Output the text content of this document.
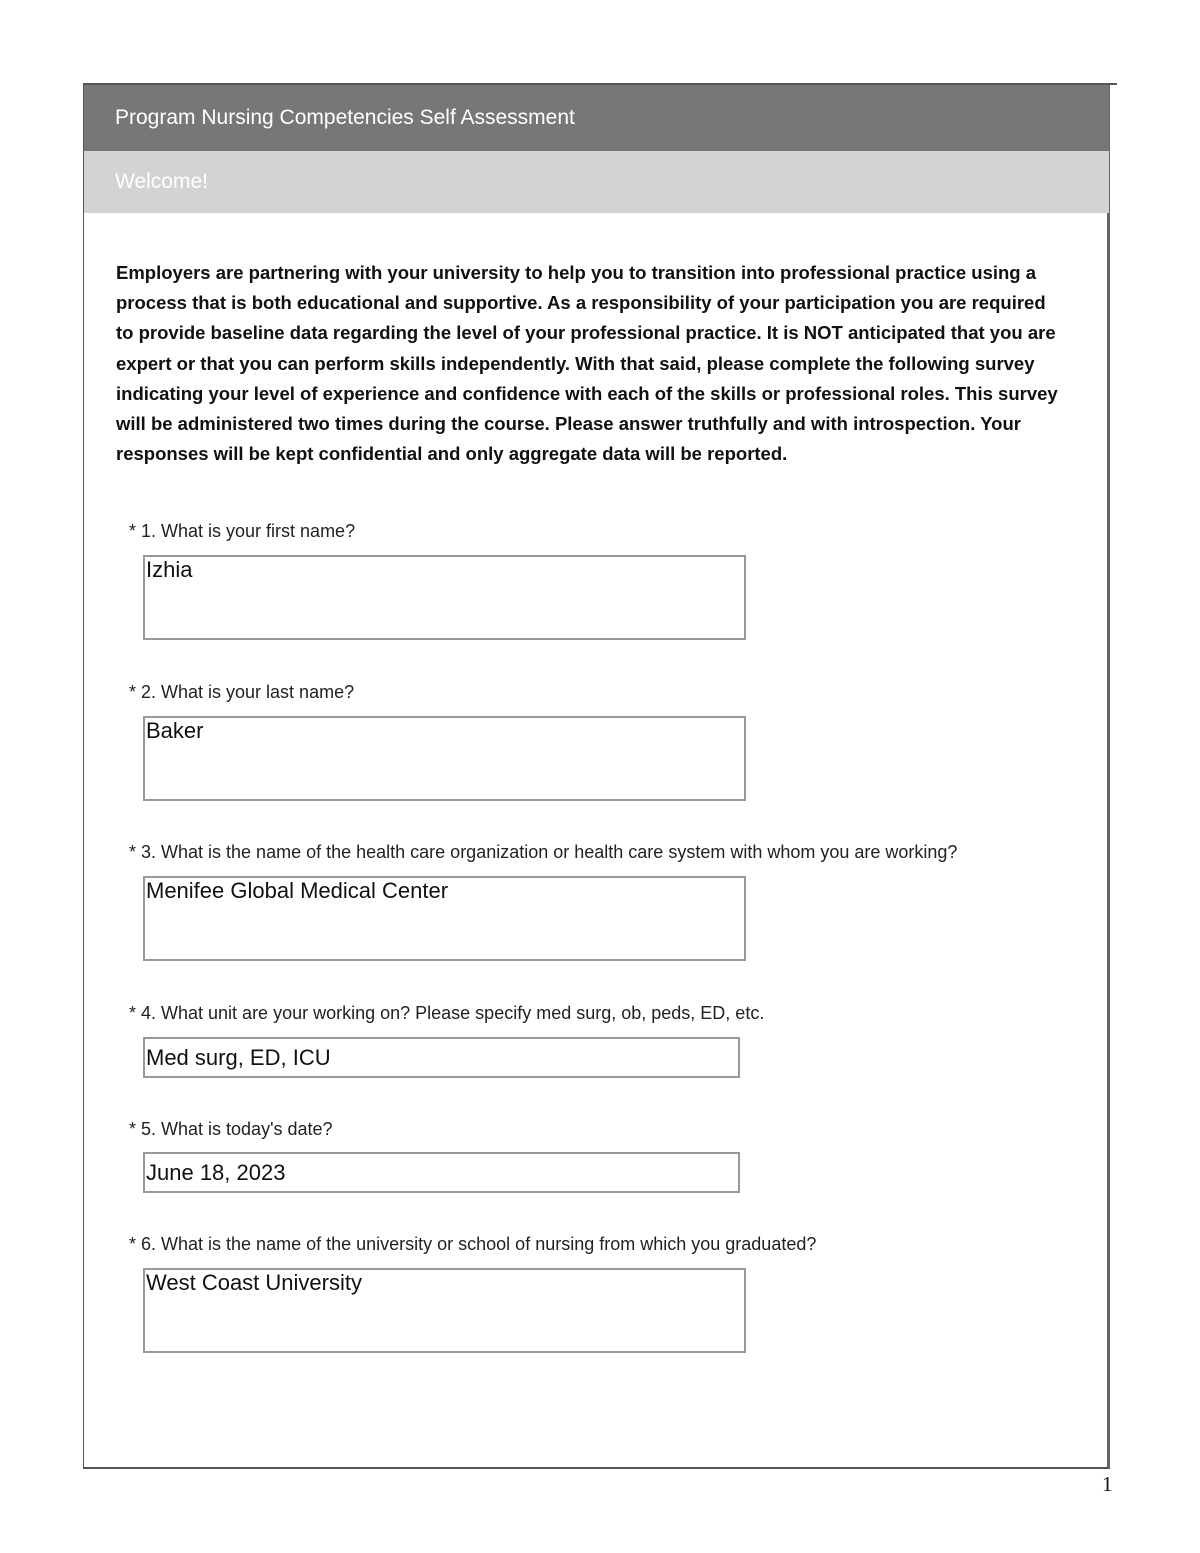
Program Nursing Competencies Self Assessment
Welcome!
Employers are partnering with your university to help you to transition into professional practice using a process that is both educational and supportive. As a responsibility of your participation you are required to provide baseline data regarding the level of your professional practice. It is NOT anticipated that you are expert or that you can perform skills independently. With that said, please complete the following survey indicating your level of experience and confidence with each of the skills or professional roles. This survey will be administered two times during the course. Please answer truthfully and with introspection. Your responses will be kept confidential and only aggregate data will be reported.
* 1. What is your first name?
Izhia
* 2. What is your last name?
Baker
* 3. What is the name of the health care organization or health care system with whom you are working?
Menifee Global Medical Center
* 4. What unit are your working on? Please specify med surg, ob, peds, ED, etc.
Med surg, ED, ICU
* 5. What is today's date?
June 18, 2023
* 6. What is the name of the university or school of nursing from which you graduated?
West Coast University
1
